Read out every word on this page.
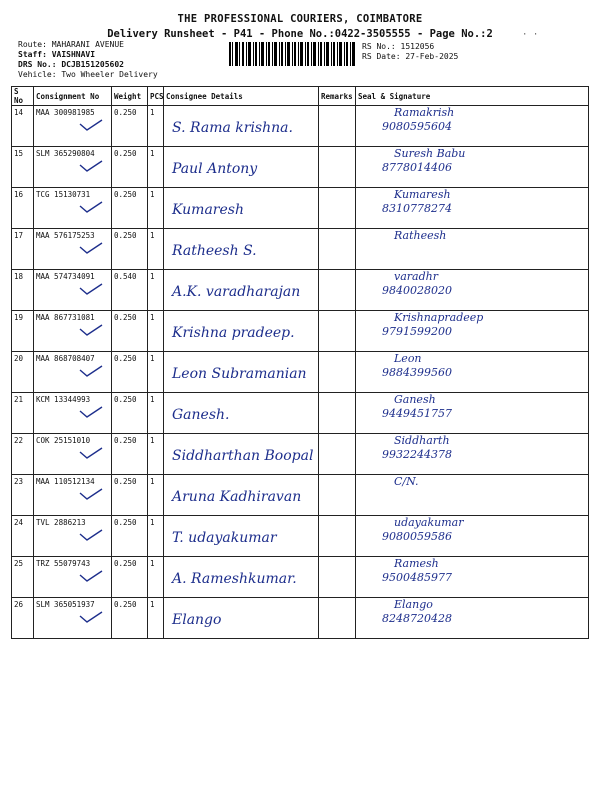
THE PROFESSIONAL COURIERS, COIMBATORE
Delivery Runsheet - P41 - Phone No.:0422-3505555 - Page No.:2	· ·
Route: MAHARANI AVENUE
Staff: VAISHNAVI
DRS No.: DCJB151205602
Vehicle: Two Wheeler Delivery
RS No.: 1512056
RS Date: 27-Feb-2025
S No	Consignment No	Weight	PCS	Consignee Details	Remarks	Seal & Signature
14	MAA 300981985	0.250	1	S. Rama krishna.		Ramakrish
9080595604

15	SLM 365290804	0.250	1	Paul Antony		Suresh Babu
8778014406

16	TCG 15130731	0.250	1	Kumaresh		Kumaresh
8310778274

17	MAA 576175253	0.250	1	Ratheesh S.		Ratheesh

18	MAA 574734091	0.540	1	A.K. varadharajan		varadhr
9840028020

19	MAA 867731081	0.250	1	Krishna pradeep.		Krishnapradeep
9791599200

20	MAA 868708407	0.250	1	Leon Subramanian		Leon
9884399560

21	KCM 13344993	0.250	1	Ganesh.		Ganesh
9449451757

22	COK 25151010	0.250	1	Siddharthan Boopal		Siddharth
9932244378

23	MAA 110512134	0.250	1	Aruna Kadhiravan		C/N.

24	TVL 2886213	0.250	1	T. udayakumar		udayakumar
9080059586

25	TRZ 55079743	0.250	1	A. Rameshkumar.		Ramesh
9500485977

26	SLM 365051937	0.250	1	Elango		Elango
8248720428
